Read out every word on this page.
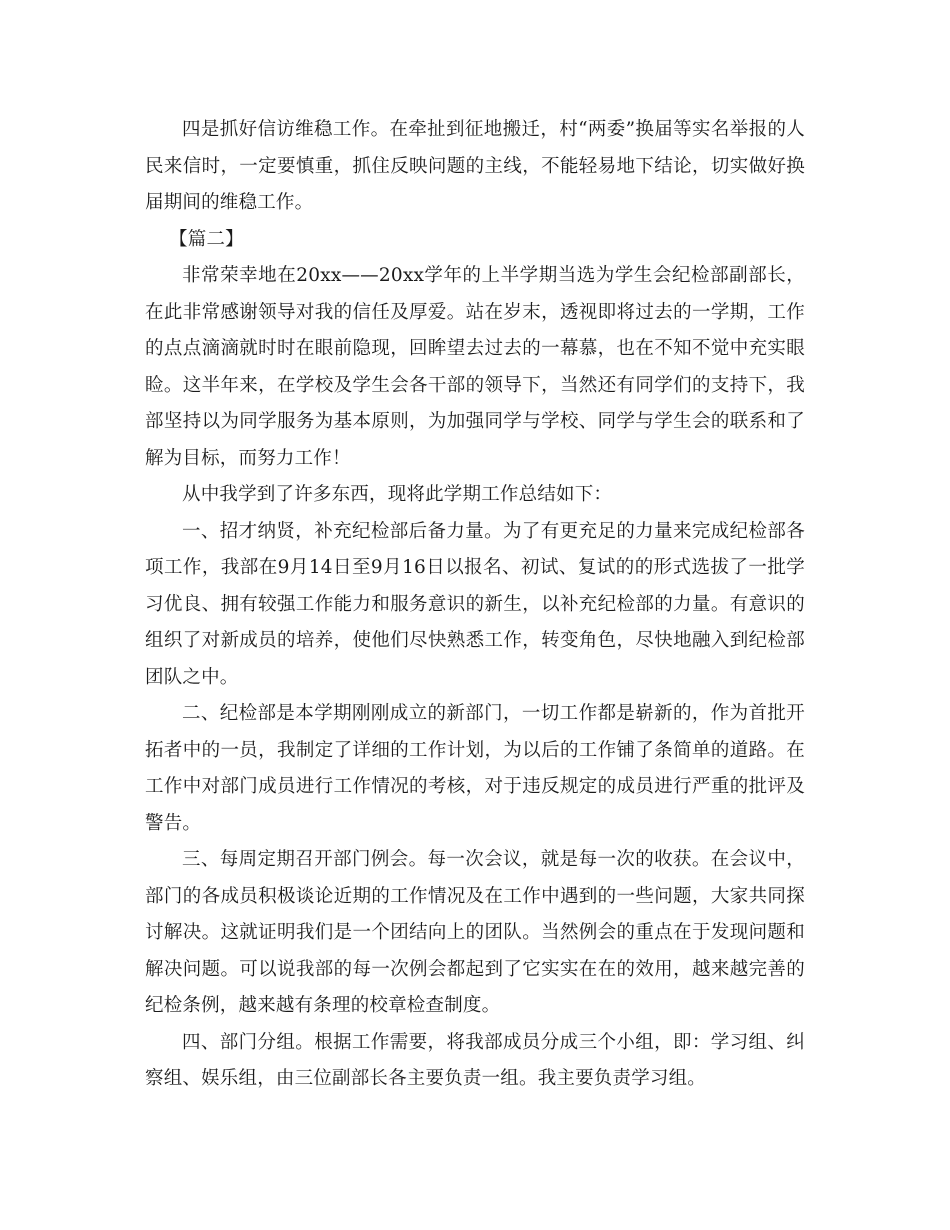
四是抓好信访维稳工作。在牵扯到征地搬迁，村“两委”换届等实名举报的人民来信时，一定要慎重，抓住反映问题的主线，不能轻易地下结论，切实做好换届期间的维稳工作。

【篇二】

非常荣幸地在20xx——20xx学年的上半学期当选为学生会纪检部副部长，在此非常感谢领导对我的信任及厚爱。站在岁末，透视即将过去的一学期，工作的点点滴滴就时时在眼前隐现，回眸望去过去的一幕慕，也在不知不觉中充实眼睑。这半年来，在学校及学生会各干部的领导下，当然还有同学们的支持下，我部坚持以为同学服务为基本原则，为加强同学与学校、同学与学生会的联系和了解为目标，而努力工作！

从中我学到了许多东西，现将此学期工作总结如下：

一、招才纳贤，补充纪检部后备力量。为了有更充足的力量来完成纪检部各项工作，我部在9月14日至9月16日以报名、初试、复试的的形式选拔了一批学习优良、拥有较强工作能力和服务意识的新生，以补充纪检部的力量。有意识的组织了对新成员的培养，使他们尽快熟悉工作，转变角色，尽快地融入到纪检部团队之中。

二、纪检部是本学期刚刚成立的新部门，一切工作都是崭新的，作为首批开拓者中的一员，我制定了详细的工作计划，为以后的工作铺了条简单的道路。在工作中对部门成员进行工作情况的考核，对于违反规定的成员进行严重的批评及警告。

三、每周定期召开部门例会。每一次会议，就是每一次的收获。在会议中，部门的各成员积极谈论近期的工作情况及在工作中遇到的一些问题，大家共同探讨解决。这就证明我们是一个团结向上的团队。当然例会的重点在于发现问题和解决问题。可以说我部的每一次例会都起到了它实实在在的效用，越来越完善的纪检条例，越来越有条理的校章检查制度。

四、部门分组。根据工作需要，将我部成员分成三个小组，即：学习组、纠察组、娱乐组，由三位副部长各主要负责一组。我主要负责学习组。
